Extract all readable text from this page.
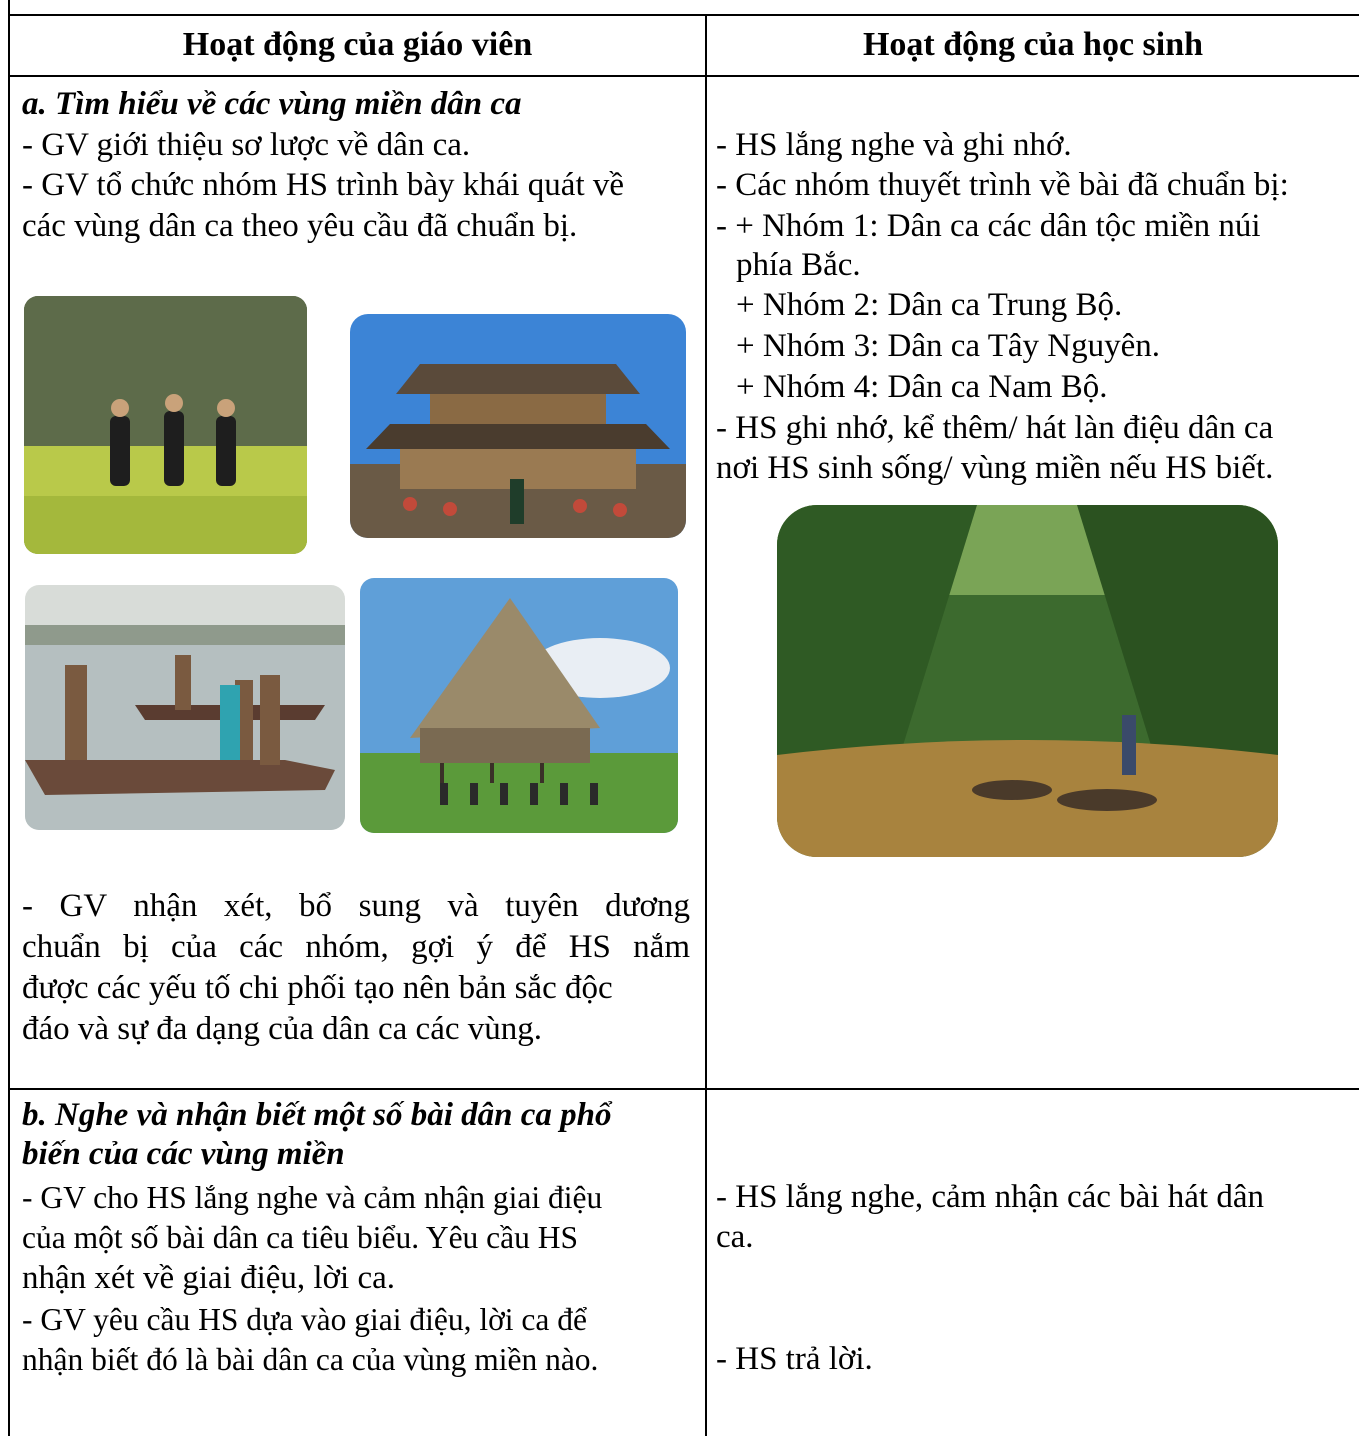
Hoạt động của giáo viên	Hoạt động của học sinh
a. Tìm hiểu về các vùng miền dân ca
- GV giới thiệu sơ lược về dân ca.
- GV tổ chức nhóm HS trình bày khái quát về
các vùng dân ca theo yêu cầu đã chuẩn bị.
- GV nhận xét, bổ sung và tuyên dương
chuẩn bị của các nhóm, gợi ý để HS nắm
được các yếu tố chi phối tạo nên bản sắc độc
đáo và sự đa dạng của dân ca các vùng.
- HS lắng nghe và ghi nhớ.
- Các nhóm thuyết trình về bài đã chuẩn bị:
- + Nhóm 1: Dân ca các dân tộc miền núi
phía Bắc.
+ Nhóm 2: Dân ca Trung Bộ.
+ Nhóm 3: Dân ca Tây Nguyên.
+ Nhóm 4: Dân ca Nam Bộ.
- HS ghi nhớ, kể thêm/ hát làn điệu dân ca
nơi HS sinh sống/ vùng miền nếu HS biết.
b. Nghe và nhận biết một số bài dân ca phổ
biến của các vùng miền
- GV cho HS lắng nghe và cảm nhận giai điệu
của một số bài dân ca tiêu biểu. Yêu cầu HS
nhận xét về giai điệu, lời ca.
- GV yêu cầu HS dựa vào giai điệu, lời ca để
nhận biết đó là bài dân ca của vùng miền nào.
- HS lắng nghe, cảm nhận các bài hát dân
ca.
- HS trả lời.
